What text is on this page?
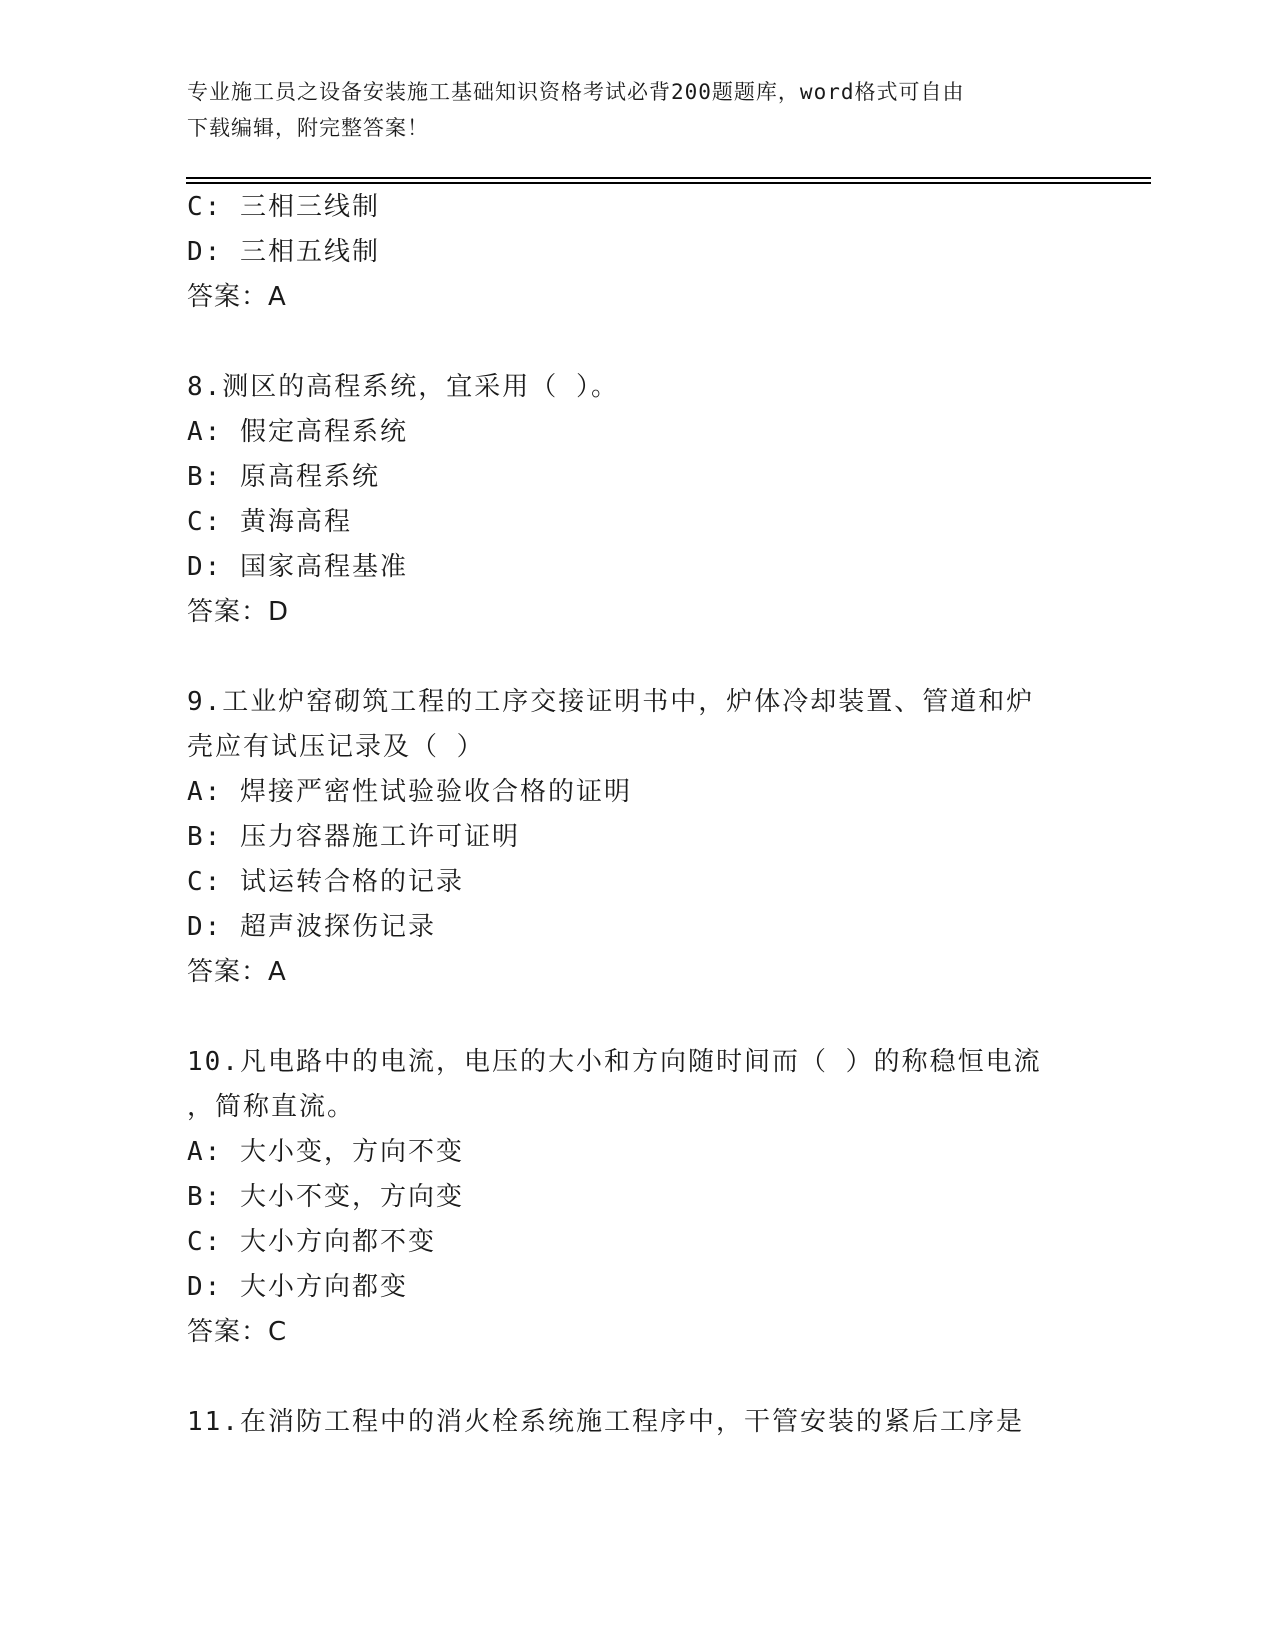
专业施工员之设备安装施工基础知识资格考试必背200题题库，word格式可自由
下载编辑，附完整答案！
C: 三相三线制
D: 三相五线制
答案：A
8.测区的高程系统，宜采用（ ）。
A: 假定高程系统
B: 原高程系统
C: 黄海高程
D: 国家高程基准
答案：D
9.工业炉窑砌筑工程的工序交接证明书中，炉体冷却装置、管道和炉
壳应有试压记录及（ ）
A: 焊接严密性试验验收合格的证明
B: 压力容器施工许可证明
C: 试运转合格的记录
D: 超声波探伤记录
答案：A
10.凡电路中的电流，电压的大小和方向随时间而（ ）的称稳恒电流
，简称直流。
A: 大小变，方向不变
B: 大小不变，方向变
C: 大小方向都不变
D: 大小方向都变
答案：C
11.在消防工程中的消火栓系统施工程序中，干管安装的紧后工序是
